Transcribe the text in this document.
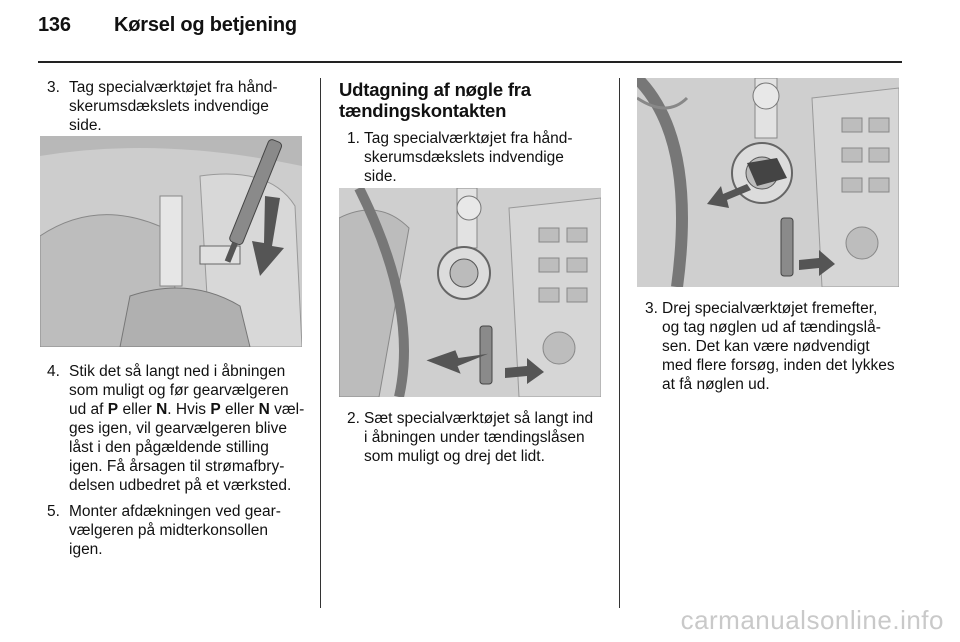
136 Kørsel og betjening
3. Tag specialværktøjet fra hånd-
skerumsdækslets indvendige
side.
4. Stik det så langt ned i åbningen
som muligt og før gearvælgeren
ud af P eller N. Hvis P eller N væl-
ges igen, vil gearvælgeren blive
låst i den pågældende stilling
igen. Få årsagen til strømafbry-
delsen udbedret på et værksted.
5. Monter afdækningen ved gear-
vælgeren på midterkonsollen
igen.
Udtagning af nøgle fra
tændingskontakten
1. Tag specialværktøjet fra hånd-
skerumsdækslets indvendige
side.
2. Sæt specialværktøjet så langt ind
i åbningen under tændingslåsen
som muligt og drej det lidt.
3. Drej specialværktøjet fremefter,
og tag nøglen ud af tændingslå-
sen. Det kan være nødvendigt
med flere forsøg, inden det lykkes
at få nøglen ud.
carmanualsonline.info
